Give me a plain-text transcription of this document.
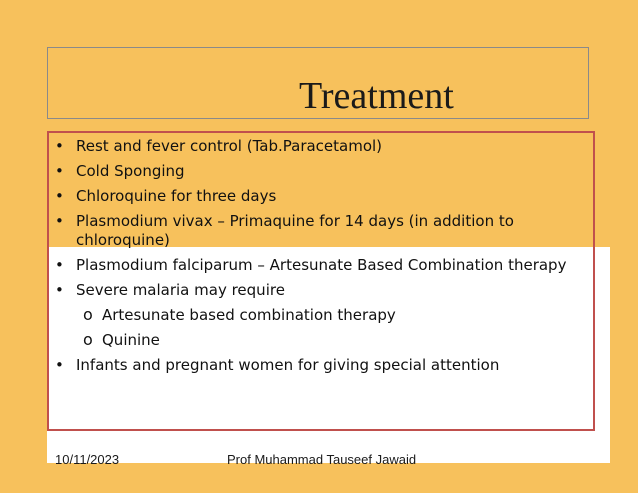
Treatment
• Rest and fever control (Tab.Paracetamol)
• Cold Sponging
• Chloroquine for three days
• Plasmodium vivax – Primaquine for 14 days (in addition to chloroquine)
• Plasmodium falciparum – Artesunate Based Combination therapy
• Severe malaria may require
o Artesunate based combination therapy
o Quinine
• Infants and pregnant women for giving special attention
10/11/2023	Prof Muhammad Tauseef Jawaid
